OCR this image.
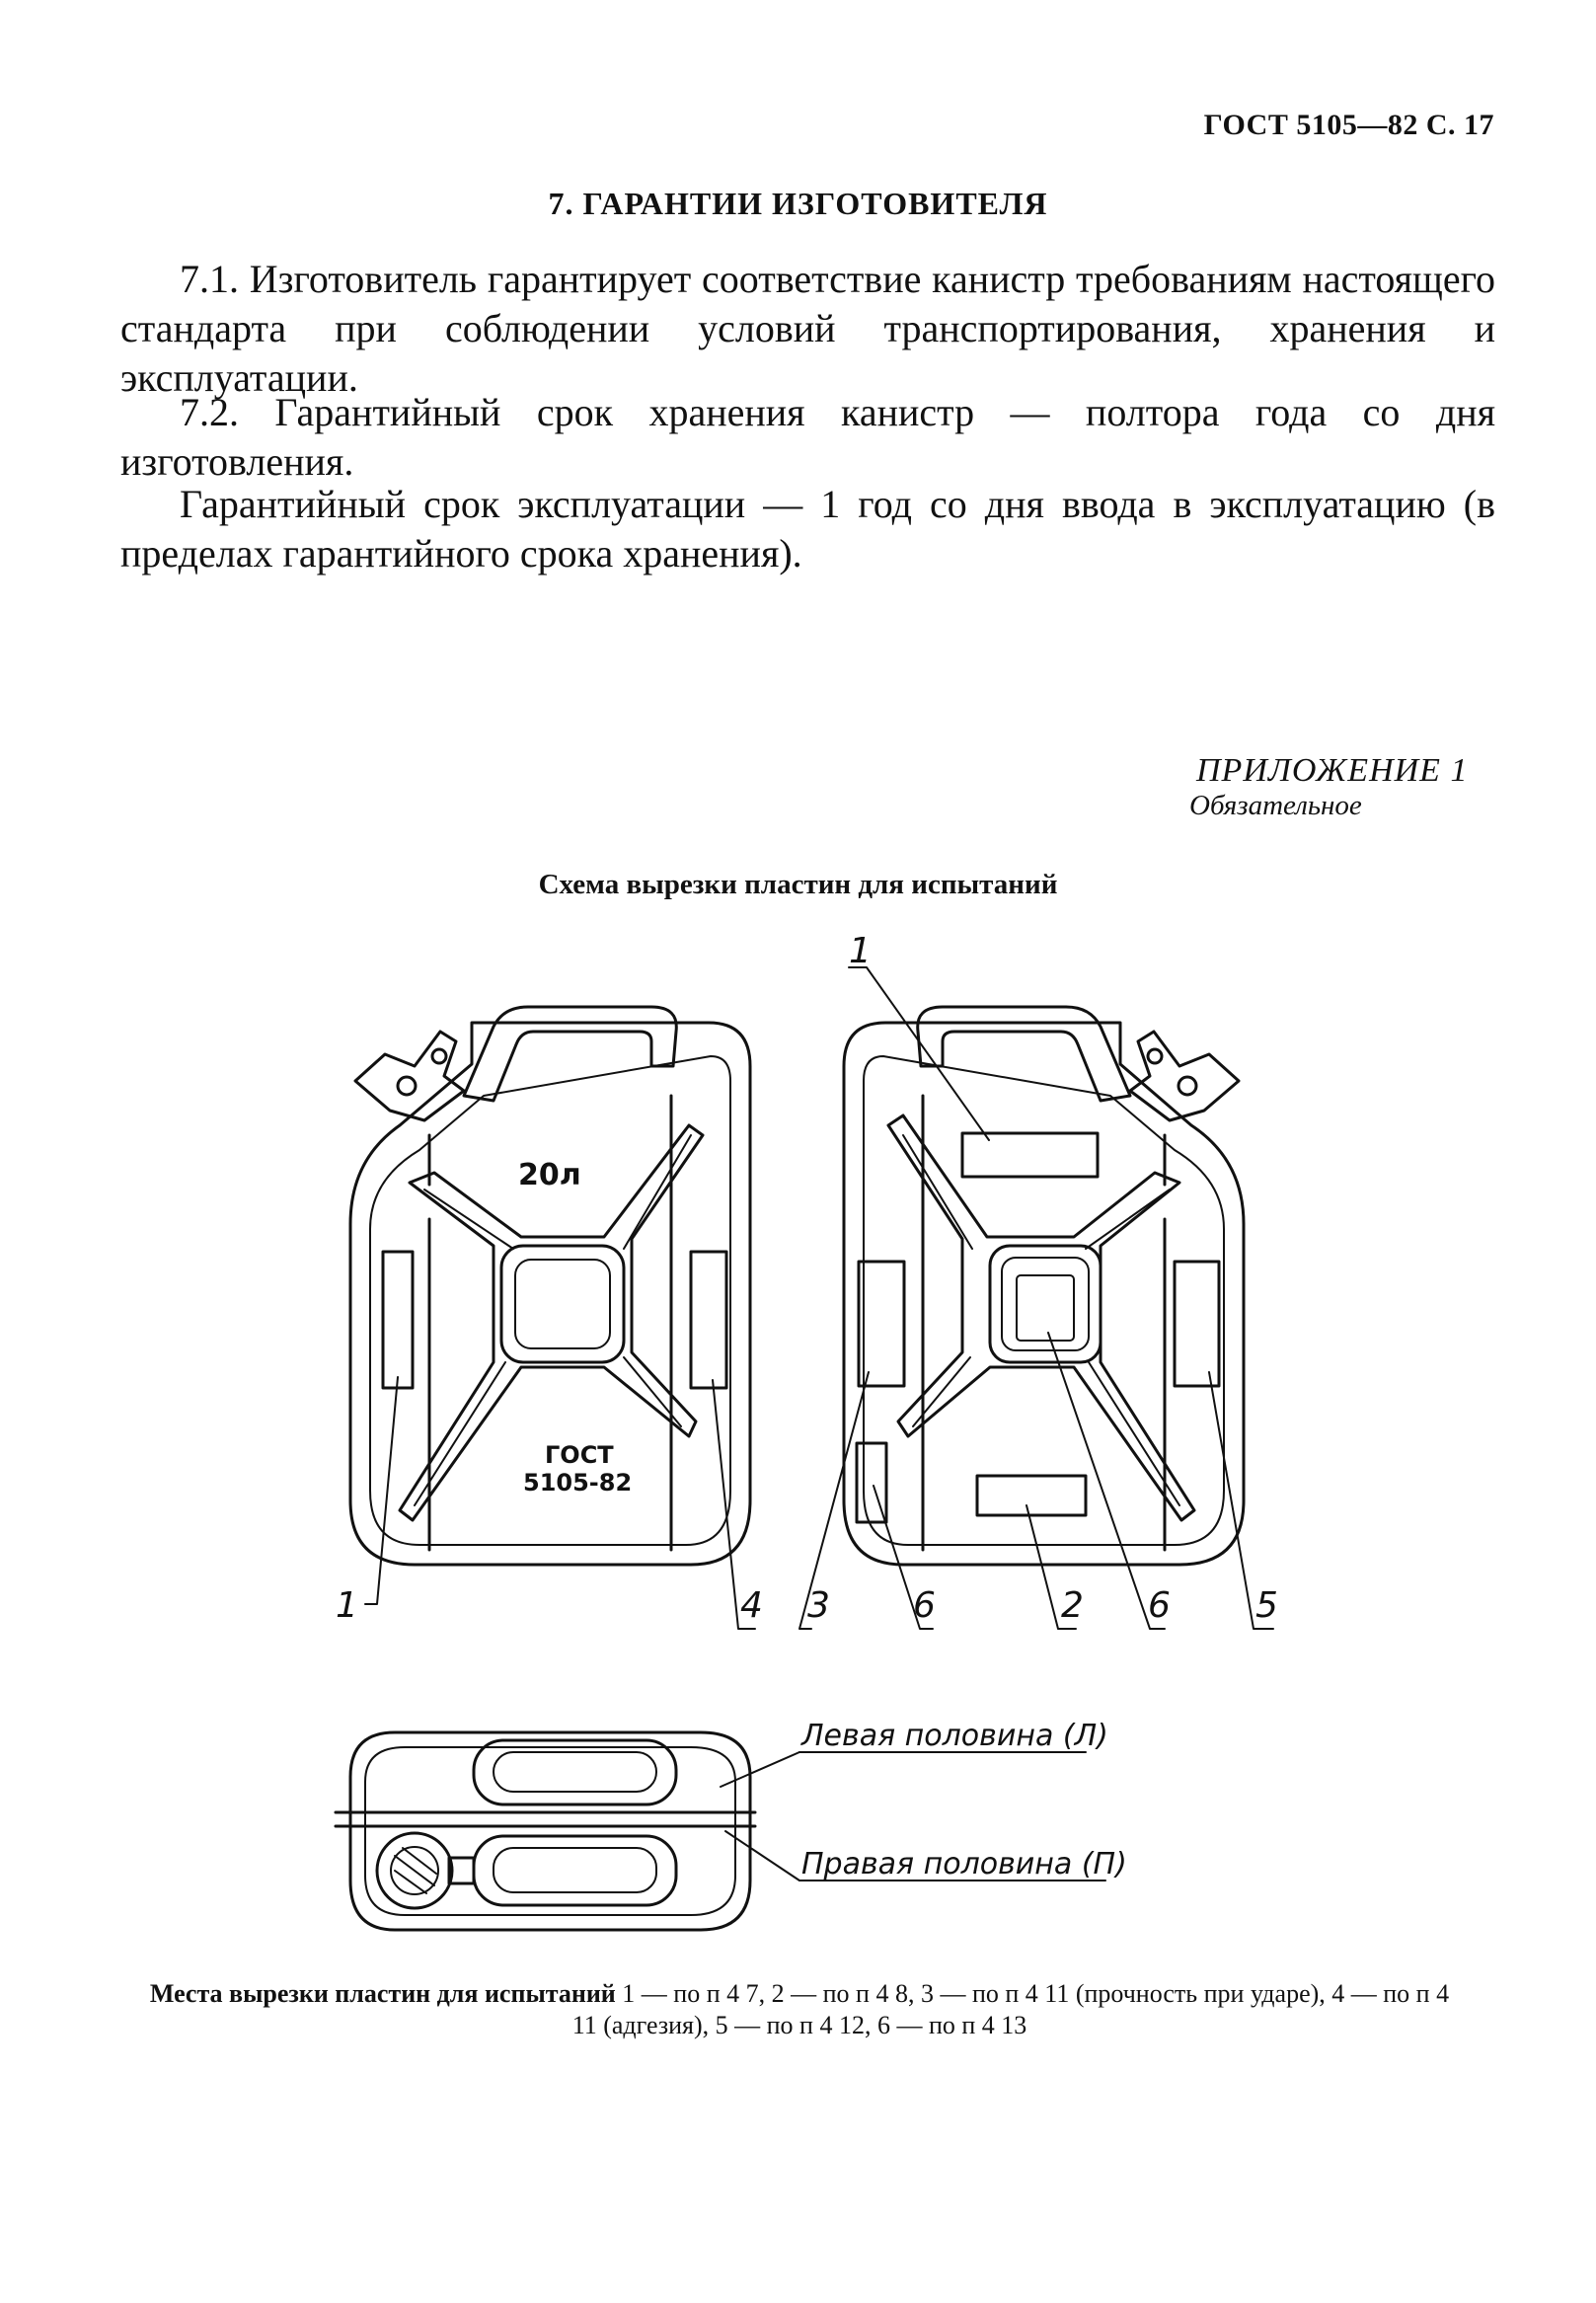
ГОСТ 5105—82 С. 17
7. ГАРАНТИИ ИЗГОТОВИТЕЛЯ

7.1. Изготовитель гарантирует соответствие канистр требованиям настоящего стандарта при соблюдении условий транспортирования, хранения и эксплуатации.

7.2. Гарантийный срок хранения канистр — полтора года со дня изготовления.

Гарантийный срок эксплуатации — 1 год со дня ввода в эксплуатацию (в пределах гарантийного срока хранения).

ПРИЛОЖЕНИЕ 1
Обязательное
Схема вырезки пластин для испытаний
20л
ГОСТ
5105-82
1	4
1
3 6	2 6 5
Левая половина (Л)
Правая половина (П)
Места вырезки пластин для испытаний 1 — по п 4 7, 2 — по п 4 8, 3 — по п 4 11 (прочность при ударе), 4 — по п 4 11 (адгезия), 5 — по п 4 12, 6 — по п 4 13
